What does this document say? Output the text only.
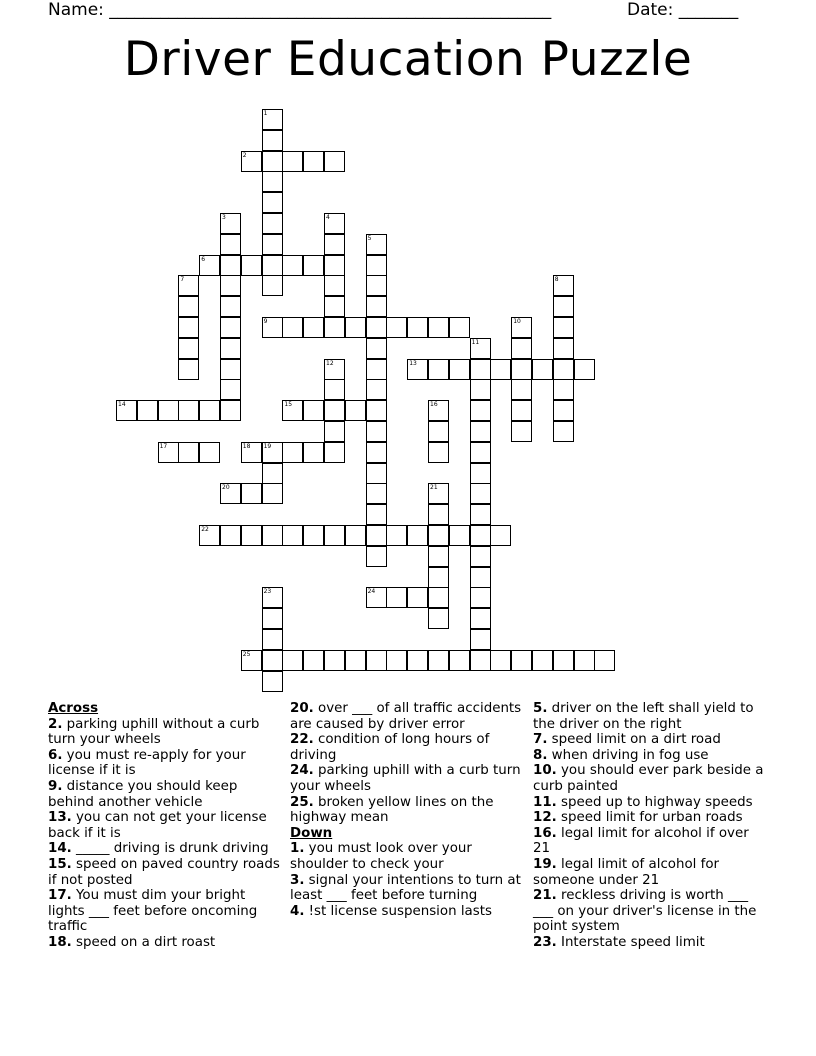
Name: ____________________________________________________	Date: _______
Driver Education Puzzle
1
2
3	4
5
6
7	8
9	10
11
12	13
14	15	16
17	18 19
20	21
22
23	24
25
Across
2. parking uphill without a curb turn your wheels
6. you must re-apply for your license if it is
9. distance you should keep behind another vehicle
13. you can not get your license back if it is
14. _____ driving is drunk driving
15. speed on paved country roads if not posted
17. You must dim your bright lights ___ feet before oncoming traffic
18. speed on a dirt roast
20. over ___ of all traffic accidents are caused by driver error
22. condition of long hours of driving
24. parking uphill with a curb turn your wheels
25. broken yellow lines on the highway mean
Down
1. you must look over your shoulder to check your
3. signal your intentions to turn at least ___ feet before turning
4. !st license suspension lasts
5. driver on the left shall yield to the driver on the right
7. speed limit on a dirt road
8. when driving in fog use
10. you should ever park beside a curb painted
11. speed up to highway speeds
12. speed limit for urban roads
16. legal limit for alcohol if over 21
19. legal limit of alcohol for someone under 21
21. reckless driving is worth ___ ___ on your driver's license in the point system
23. Interstate speed limit
